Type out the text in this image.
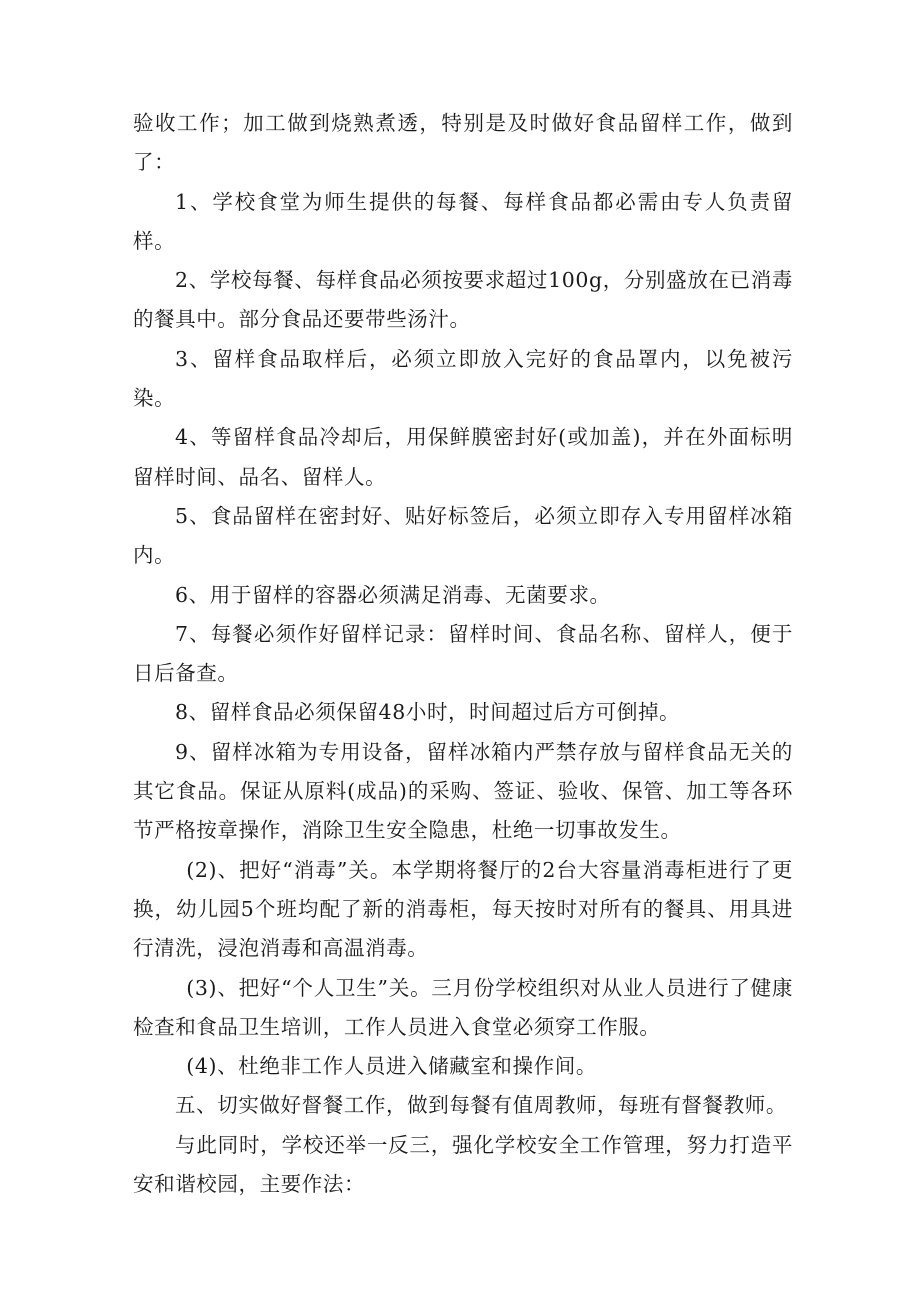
验收工作；加工做到烧熟煮透，特别是及时做好食品留样工作，做到了：

1、学校食堂为师生提供的每餐、每样食品都必需由专人负责留样。

2、学校每餐、每样食品必须按要求超过100g，分别盛放在已消毒的餐具中。部分食品还要带些汤汁。

3、留样食品取样后，必须立即放入完好的食品罩内，以免被污染。

4、等留样食品冷却后，用保鲜膜密封好(或加盖)，并在外面标明留样时间、品名、留样人。

5、食品留样在密封好、贴好标签后，必须立即存入专用留样冰箱内。

6、用于留样的容器必须满足消毒、无菌要求。

7、每餐必须作好留样记录：留样时间、食品名称、留样人，便于日后备查。

8、留样食品必须保留48小时，时间超过后方可倒掉。

9、留样冰箱为专用设备，留样冰箱内严禁存放与留样食品无关的其它食品。保证从原料(成品)的采购、签证、验收、保管、加工等各环节严格按章操作，消除卫生安全隐患，杜绝一切事故发生。

(2)、把好“消毒”关。本学期将餐厅的2台大容量消毒柜进行了更换，幼儿园5个班均配了新的消毒柜，每天按时对所有的餐具、用具进行清洗，浸泡消毒和高温消毒。

(3)、把好“个人卫生”关。三月份学校组织对从业人员进行了健康检查和食品卫生培训，工作人员进入食堂必须穿工作服。

(4)、杜绝非工作人员进入储藏室和操作间。

五、切实做好督餐工作，做到每餐有值周教师，每班有督餐教师。

与此同时，学校还举一反三，强化学校安全工作管理，努力打造平安和谐校园，主要作法：
